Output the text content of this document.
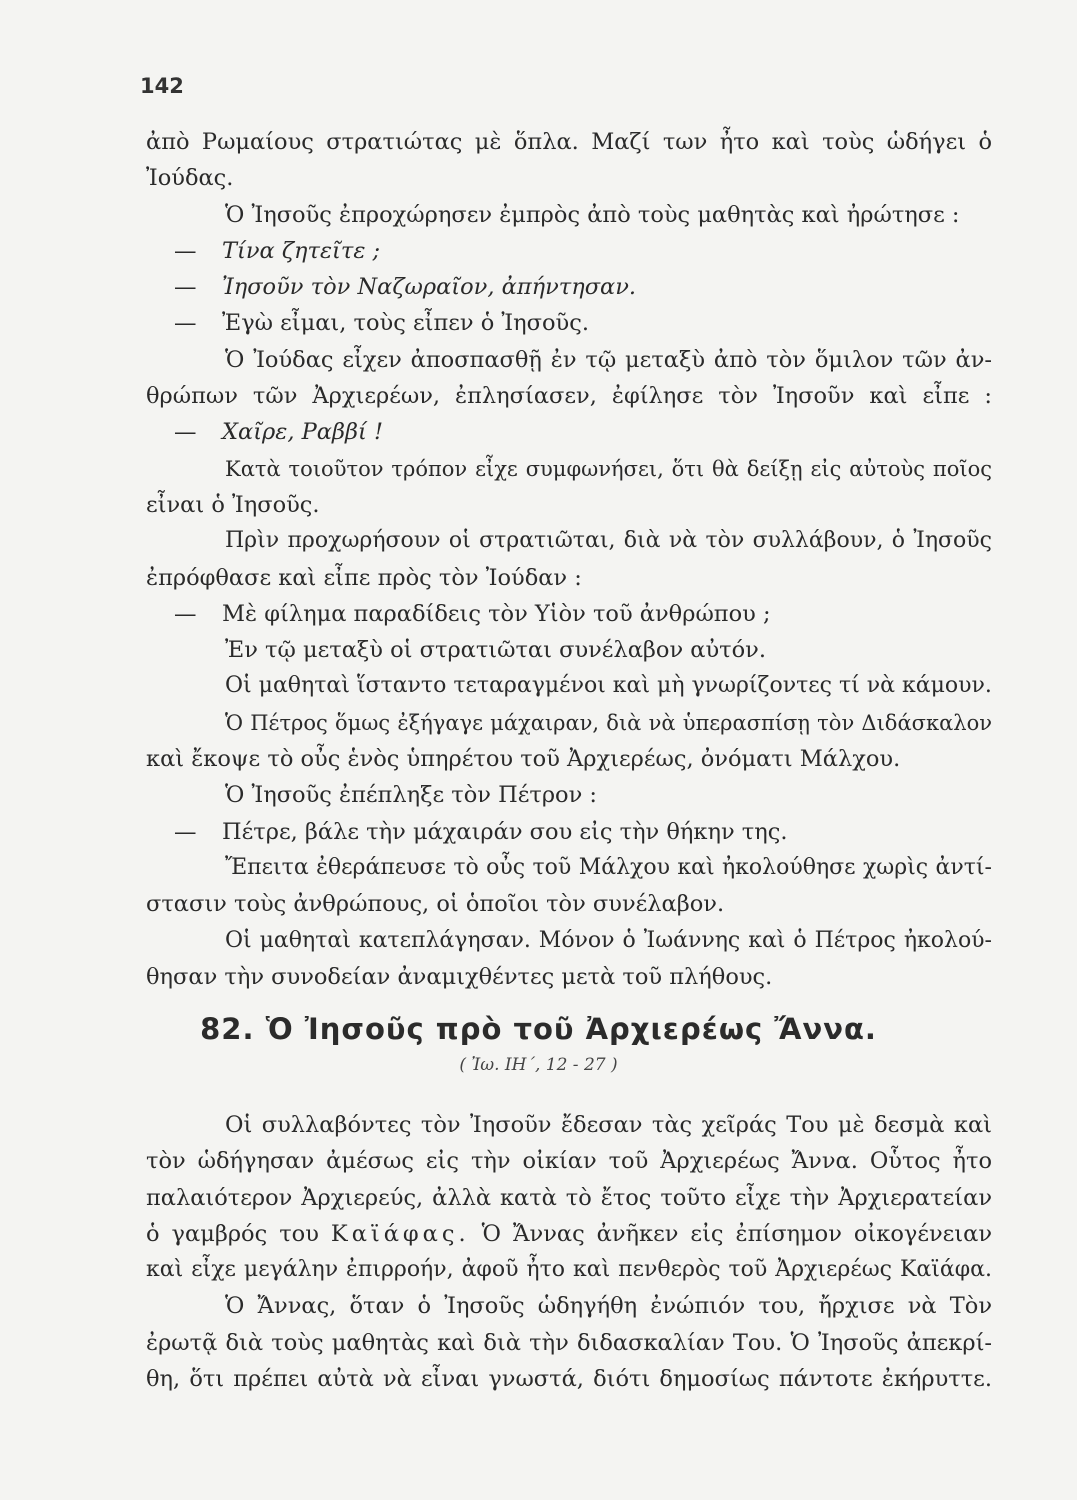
142
ἀπὸ Ρωμαίους στρατιώτας μὲ ὅπλα. Μαζί των ἦτο καὶ τοὺς ὡδήγει ὁ
Ἰούδας.
Ὁ Ἰησοῦς ἐπροχώρησεν ἐμπρὸς ἀπὸ τοὺς μαθητὰς καὶ ἠρώτησε :
— Τίνα ζητεῖτε ;
— Ἰησοῦν τὸν Ναζωραῖον, ἀπήντησαν.
— Ἐγὼ εἶμαι, τοὺς εἶπεν ὁ Ἰησοῦς.
Ὁ Ἰούδας εἶχεν ἀποσπασθῇ ἐν τῷ μεταξὺ ἀπὸ τὸν ὅμιλον τῶν ἀν-
θρώπων τῶν Ἀρχιερέων, ἐπλησίασεν, ἐφίλησε τὸν Ἰησοῦν καὶ εἶπε :
— Χαῖρε, Ραββί !
Κατὰ τοιοῦτον τρόπον εἶχε συμφωνήσει, ὅτι θὰ δείξῃ εἰς αὐτοὺς ποῖος
εἶναι ὁ Ἰησοῦς.
Πρὶν προχωρήσουν οἱ στρατιῶται, διὰ νὰ τὸν συλλάβουν, ὁ Ἰησοῦς
ἐπρόφθασε καὶ εἶπε πρὸς τὸν Ἰούδαν :
— Μὲ φίλημα παραδίδεις τὸν Υἱὸν τοῦ ἀνθρώπου ;
Ἐν τῷ μεταξὺ οἱ στρατιῶται συνέλαβον αὐτόν.
Οἱ μαθηταὶ ἵσταντο τεταραγμένοι καὶ μὴ γνωρίζοντες τί νὰ κάμουν.
Ὁ Πέτρος ὅμως ἐξήγαγε μάχαιραν, διὰ νὰ ὑπερασπίσῃ τὸν Διδάσκαλον
καὶ ἔκοψε τὸ οὖς ἑνὸς ὑπηρέτου τοῦ Ἀρχιερέως, ὀνόματι Μάλχου.
Ὁ Ἰησοῦς ἐπέπληξε τὸν Πέτρον :
— Πέτρε, βάλε τὴν μάχαιράν σου εἰς τὴν θήκην της.
Ἔπειτα ἐθεράπευσε τὸ οὖς τοῦ Μάλχου καὶ ἠκολούθησε χωρὶς ἀντί-
στασιν τοὺς ἀνθρώπους, οἱ ὁποῖοι τὸν συνέλαβον.
Οἱ μαθηταὶ κατεπλάγησαν. Μόνον ὁ Ἰωάννης καὶ ὁ Πέτρος ἠκολού-
θησαν τὴν συνοδείαν ἀναμιχθέντες μετὰ τοῦ πλήθους.
82. Ὁ Ἰησοῦς πρὸ τοῦ Ἀρχιερέως Ἄννα.
( Ἰω. ΙΗ΄, 12 - 27 )
Οἱ συλλαβόντες τὸν Ἰησοῦν ἔδεσαν τὰς χεῖράς Του μὲ δεσμὰ καὶ
τὸν ὡδήγησαν ἀμέσως εἰς τὴν οἰκίαν τοῦ Ἀρχιερέως Ἄννα. Οὗτος ἦτο
παλαιότερον Ἀρχιερεύς, ἀλλὰ κατὰ τὸ ἔτος τοῦτο εἶχε τὴν Ἀρχιερατείαν
ὁ γαμβρός του Καϊάφας. Ὁ Ἄννας ἀνῆκεν εἰς ἐπίσημον οἰκογένειαν
καὶ εἶχε μεγάλην ἐπιρροήν, ἀφοῦ ἦτο καὶ πενθερὸς τοῦ Ἀρχιερέως Καϊάφα.
Ὁ Ἄννας, ὅταν ὁ Ἰησοῦς ὡδηγήθη ἐνώπιόν του, ἤρχισε νὰ Τὸν
ἐρωτᾷ διὰ τοὺς μαθητὰς καὶ διὰ τὴν διδασκαλίαν Του. Ὁ Ἰησοῦς ἀπεκρί-
θη, ὅτι πρέπει αὐτὰ νὰ εἶναι γνωστά, διότι δημοσίως πάντοτε ἐκήρυττε.
